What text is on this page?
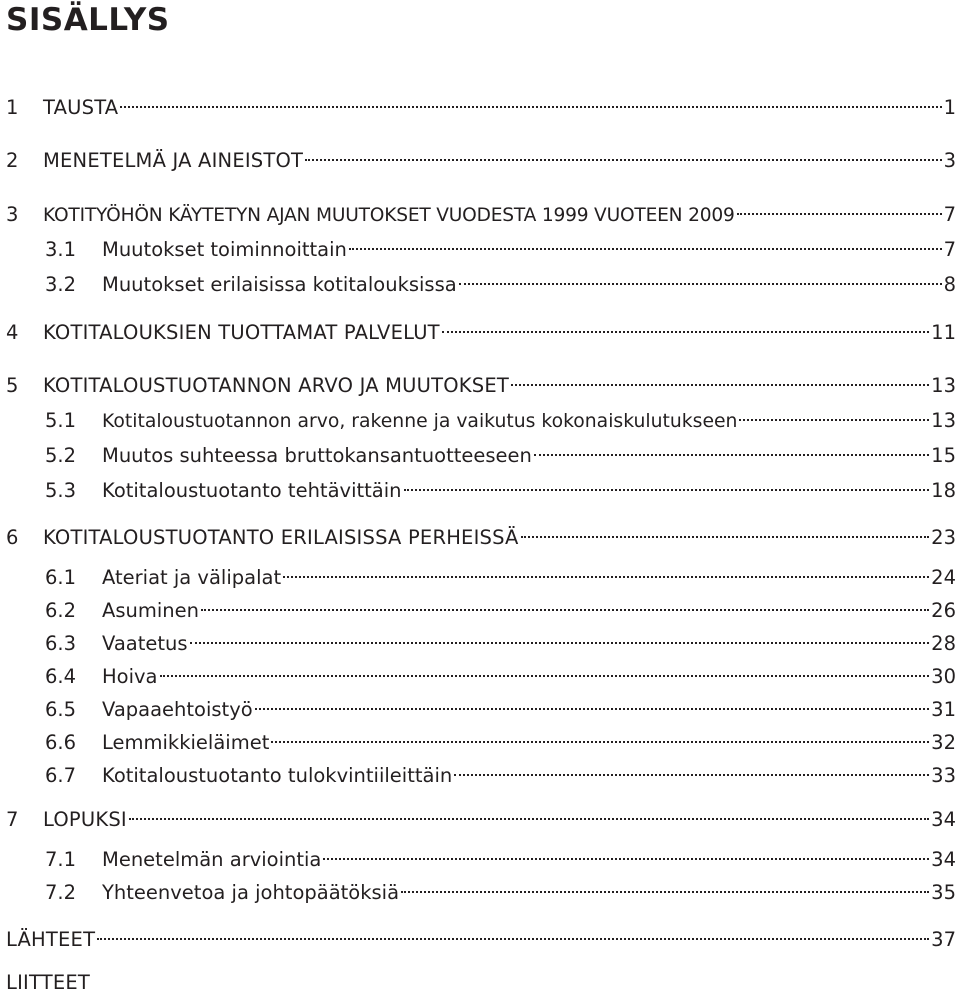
SISÄLLYS
1	TAUSTA	1
2	MENETELMÄ JA AINEISTOT	3
3	KOTITYÖHÖN KÄYTETYN AJAN MUUTOKSET VUODESTA 1999 VUOTEEN 2009	7
3.1	Muutokset toiminnoittain	7
3.2	Muutokset erilaisissa kotitalouksissa	8
4	KOTITALOUKSIEN TUOTTAMAT PALVELUT	11
5	KOTITALOUSTUOTANNON ARVO JA MUUTOKSET	13
5.1	Kotitaloustuotannon arvo, rakenne ja vaikutus kokonaiskulutukseen	13
5.2	Muutos suhteessa bruttokansantuotteeseen	15
5.3	Kotitaloustuotanto tehtävittäin	18
6	KOTITALOUSTUOTANTO ERILAISISSA PERHEISSÄ	23
6.1	Ateriat ja välipalat	24
6.2	Asuminen	26
6.3	Vaatetus	28
6.4	Hoiva	30
6.5	Vapaaehtoistyö	31
6.6	Lemmikkieläimet	32
6.7	Kotitaloustuotanto tulokvintiileittäin	33
7	LOPUKSI	34
7.1	Menetelmän arviointia	34
7.2	Yhteenvetoa ja johtopäätöksiä	35
LÄHTEET	37
LIITTEET
